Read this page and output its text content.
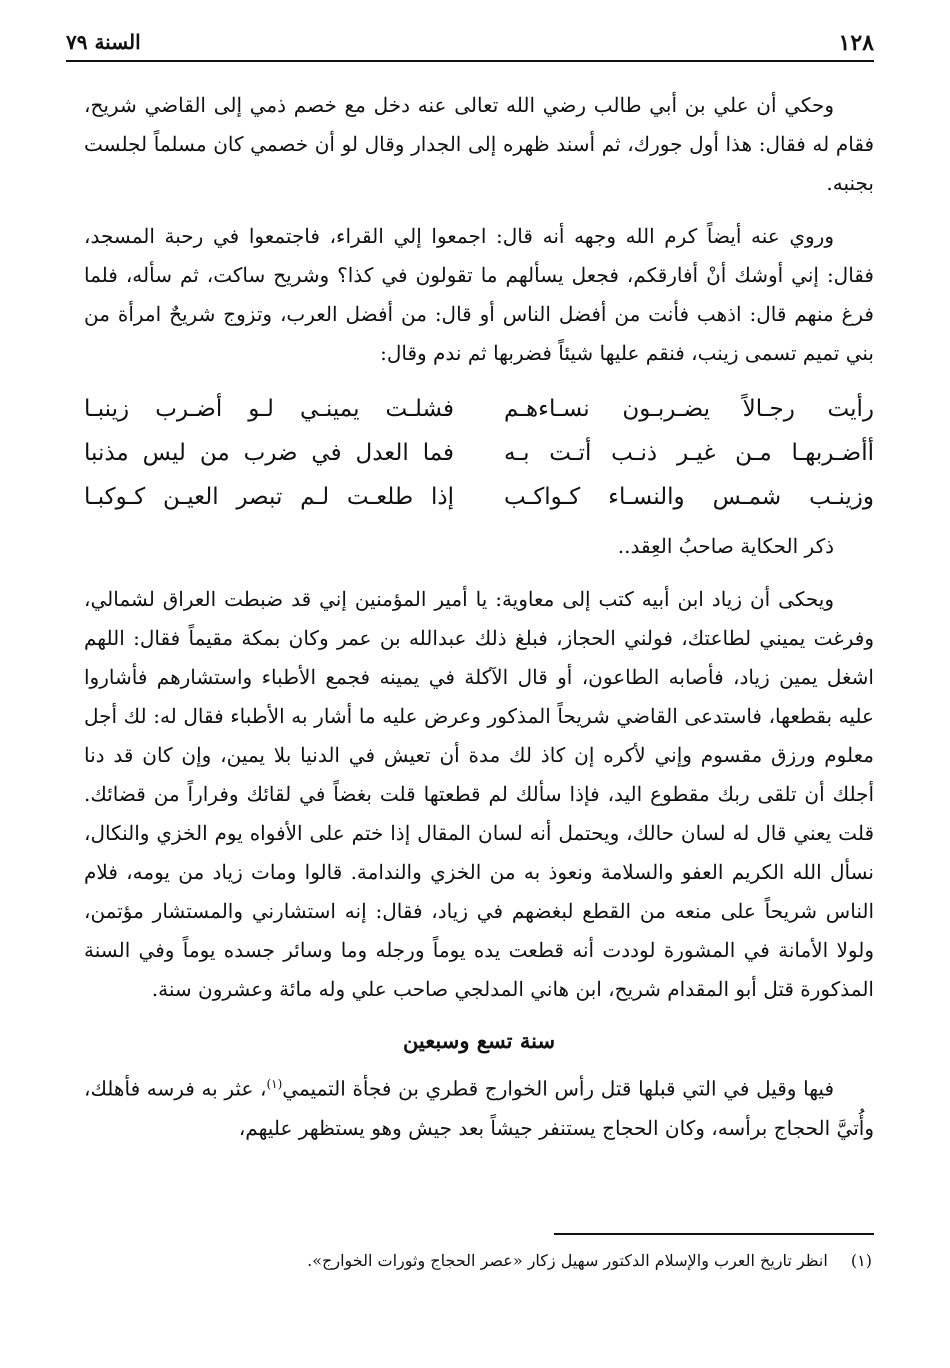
١٢٨
السنة ٧٩

وحكي أن علي بن أبي طالب رضي الله تعالى عنه دخل مع خصم ذمي إلى القاضي شريح، فقام له فقال: هذا أول جورك، ثم أسند ظهره إلى الجدار وقال لو أن خصمي كان مسلماً لجلست بجنبه.

وروي عنه أيضاً كرم الله وجهه أنه قال: اجمعوا إلي القراء، فاجتمعوا في رحبة المسجد، فقال: إني أوشك أنْ أفارقكم، فجعل يسألهم ما تقولون في كذا؟ وشريح ساكت، ثم سأله، فلما فرغ منهم قال: اذهب فأنت من أفضل الناس أو قال: من أفضل العرب، وتزوج شريحٌ امرأة من بني تميم تسمى زينب، فنقم عليها شيئاً فضربها ثم ندم وقال:

رأيت رجـالاً يضـربـون نسـاءهـم
فشلـت يمينـي لـو أضـرب زينبـا
أأضـربهـا مـن غيـر ذنـب أتـت بـه
فما العدل في ضرب من ليس مذنبا
وزينـب شمـس والنسـاء كـواكـب
إذا طلعـت لـم تبصر العيـن كـوكبـا

ذكر الحكاية صاحبُ العِقد..

ويحكى أن زياد ابن أبيه كتب إلى معاوية: يا أمير المؤمنين إني قد ضبطت العراق لشمالي، وفرغت يميني لطاعتك، فولني الحجاز، فبلغ ذلك عبدالله بن عمر وكان بمكة مقيماً فقال: اللهم اشغل يمين زياد، فأصابه الطاعون، أو قال الآكلة في يمينه فجمع الأطباء واستشارهم فأشاروا عليه بقطعها، فاستدعى القاضي شريحاً المذكور وعرض عليه ما أشار به الأطباء فقال له: لك أجل معلوم ورزق مقسوم وإني لأكره إن كاذ لك مدة أن تعيش في الدنيا بلا يمين، وإن كان قد دنا أجلك أن تلقى ربك مقطوع اليد، فإذا سألك لم قطعتها قلت بغضاً في لقائك وفراراً من قضائك. قلت يعني قال له لسان حالك، ويحتمل أنه لسان المقال إذا ختم على الأفواه يوم الخزي والنكال، نسأل الله الكريم العفو والسلامة ونعوذ به من الخزي والندامة. قالوا ومات زياد من يومه، فلام الناس شريحاً على منعه من القطع لبغضهم في زياد، فقال: إنه استشارني والمستشار مؤتمن، ولولا الأمانة في المشورة لوددت أنه قطعت يده يوماً ورجله وما وسائر جسده يوماً وفي السنة المذكورة قتل أبو المقدام شريح، ابن هاني المدلجي صاحب علي وله مائة وعشرون سنة.

سنة تسع وسبعين

فيها وقيل في التي قبلها قتل رأس الخوارج قطري بن فجأة التميمي$^{(١)}$، عثر به فرسه فأهلك، وأُتيَّ الحجاج برأسه، وكان الحجاج يستنفر جيشاً بعد جيش وهو يستظهر عليهم،

(١) انظر تاريخ العرب والإسلام الدكتور سهيل زكار «عصر الحجاج وثورات الخوارج».
